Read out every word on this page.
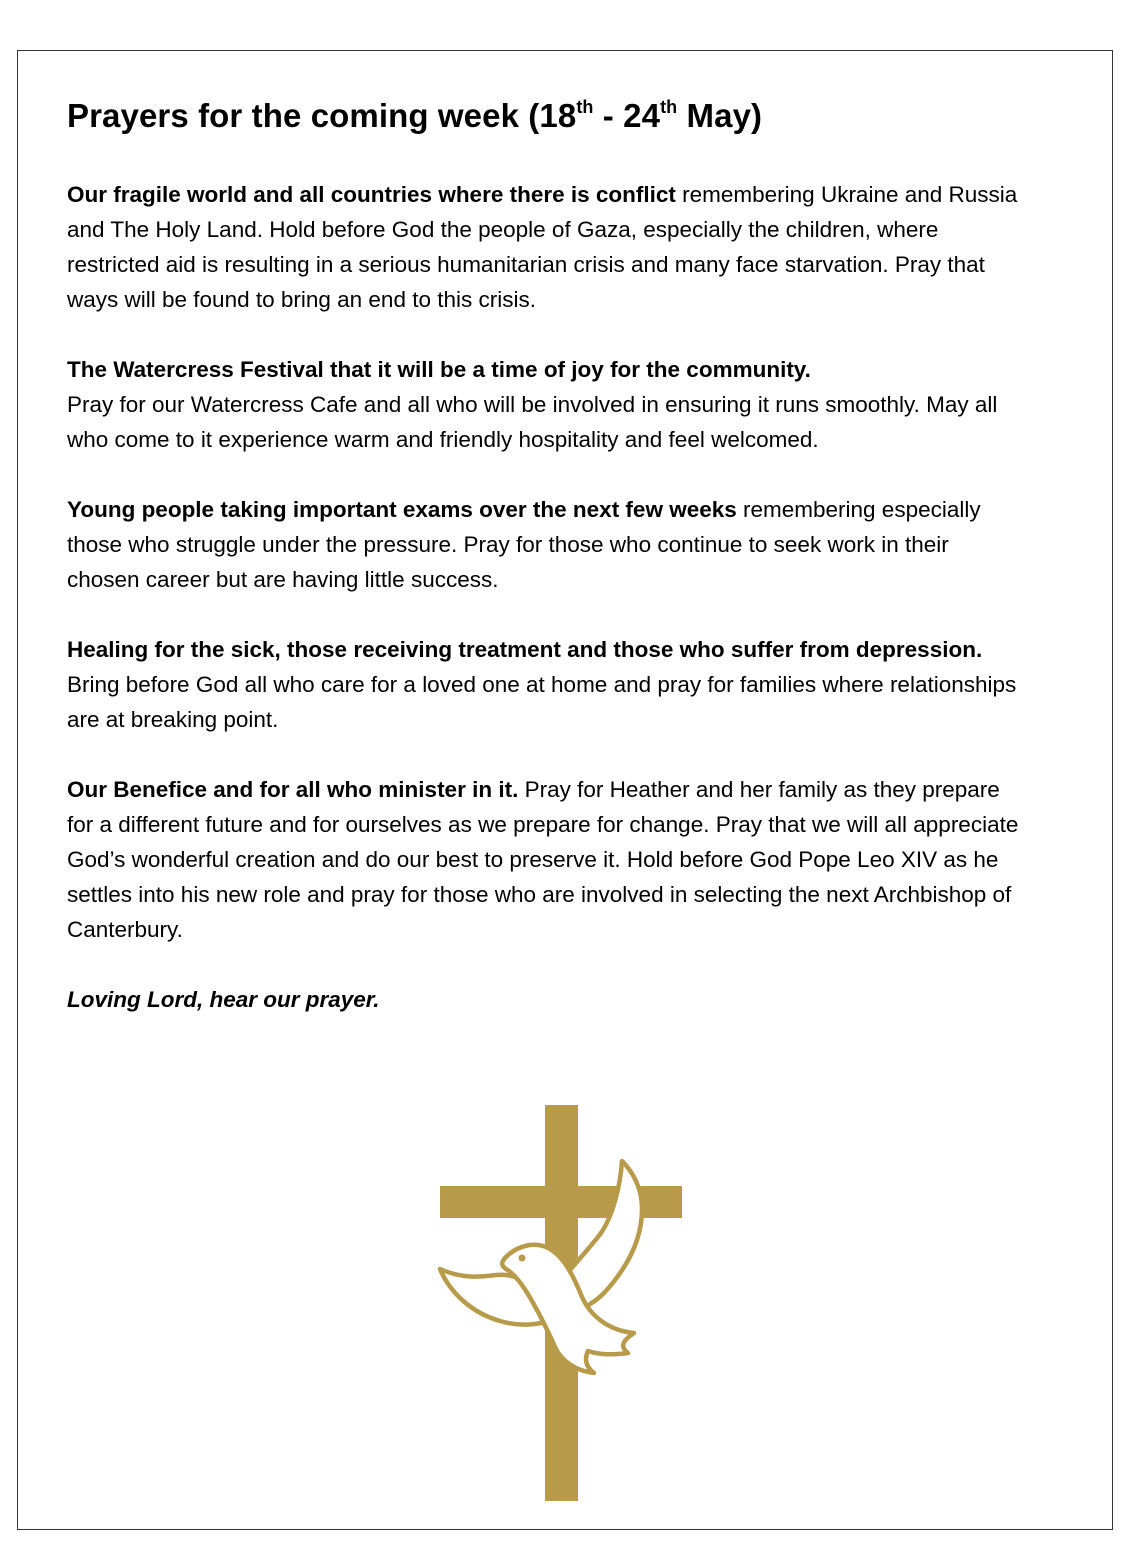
Prayers for the coming week (18th - 24th May)

Our fragile world and all countries where there is conflict remembering Ukraine and Russia and The Holy Land. Hold before God the people of Gaza, especially the children, where restricted aid is resulting in a serious humanitarian crisis and many face starvation. Pray that ways will be found to bring an end to this crisis.

The Watercress Festival that it will be a time of joy for the community.
Pray for our Watercress Cafe and all who will be involved in ensuring it runs smoothly. May all who come to it experience warm and friendly hospitality and feel welcomed.

Young people taking important exams over the next few weeks remembering especially those who struggle under the pressure. Pray for those who continue to seek work in their chosen career but are having little success.

Healing for the sick, those receiving treatment and those who suffer from depression. Bring before God all who care for a loved one at home and pray for families where relationships are at breaking point.

Our Benefice and for all who minister in it. Pray for Heather and her family as they prepare for a different future and for ourselves as we prepare for change. Pray that we will all appreciate God’s wonderful creation and do our best to preserve it. Hold before God Pope Leo XIV as he settles into his new role and pray for those who are involved in selecting the next Archbishop of Canterbury.

Loving Lord, hear our prayer.
